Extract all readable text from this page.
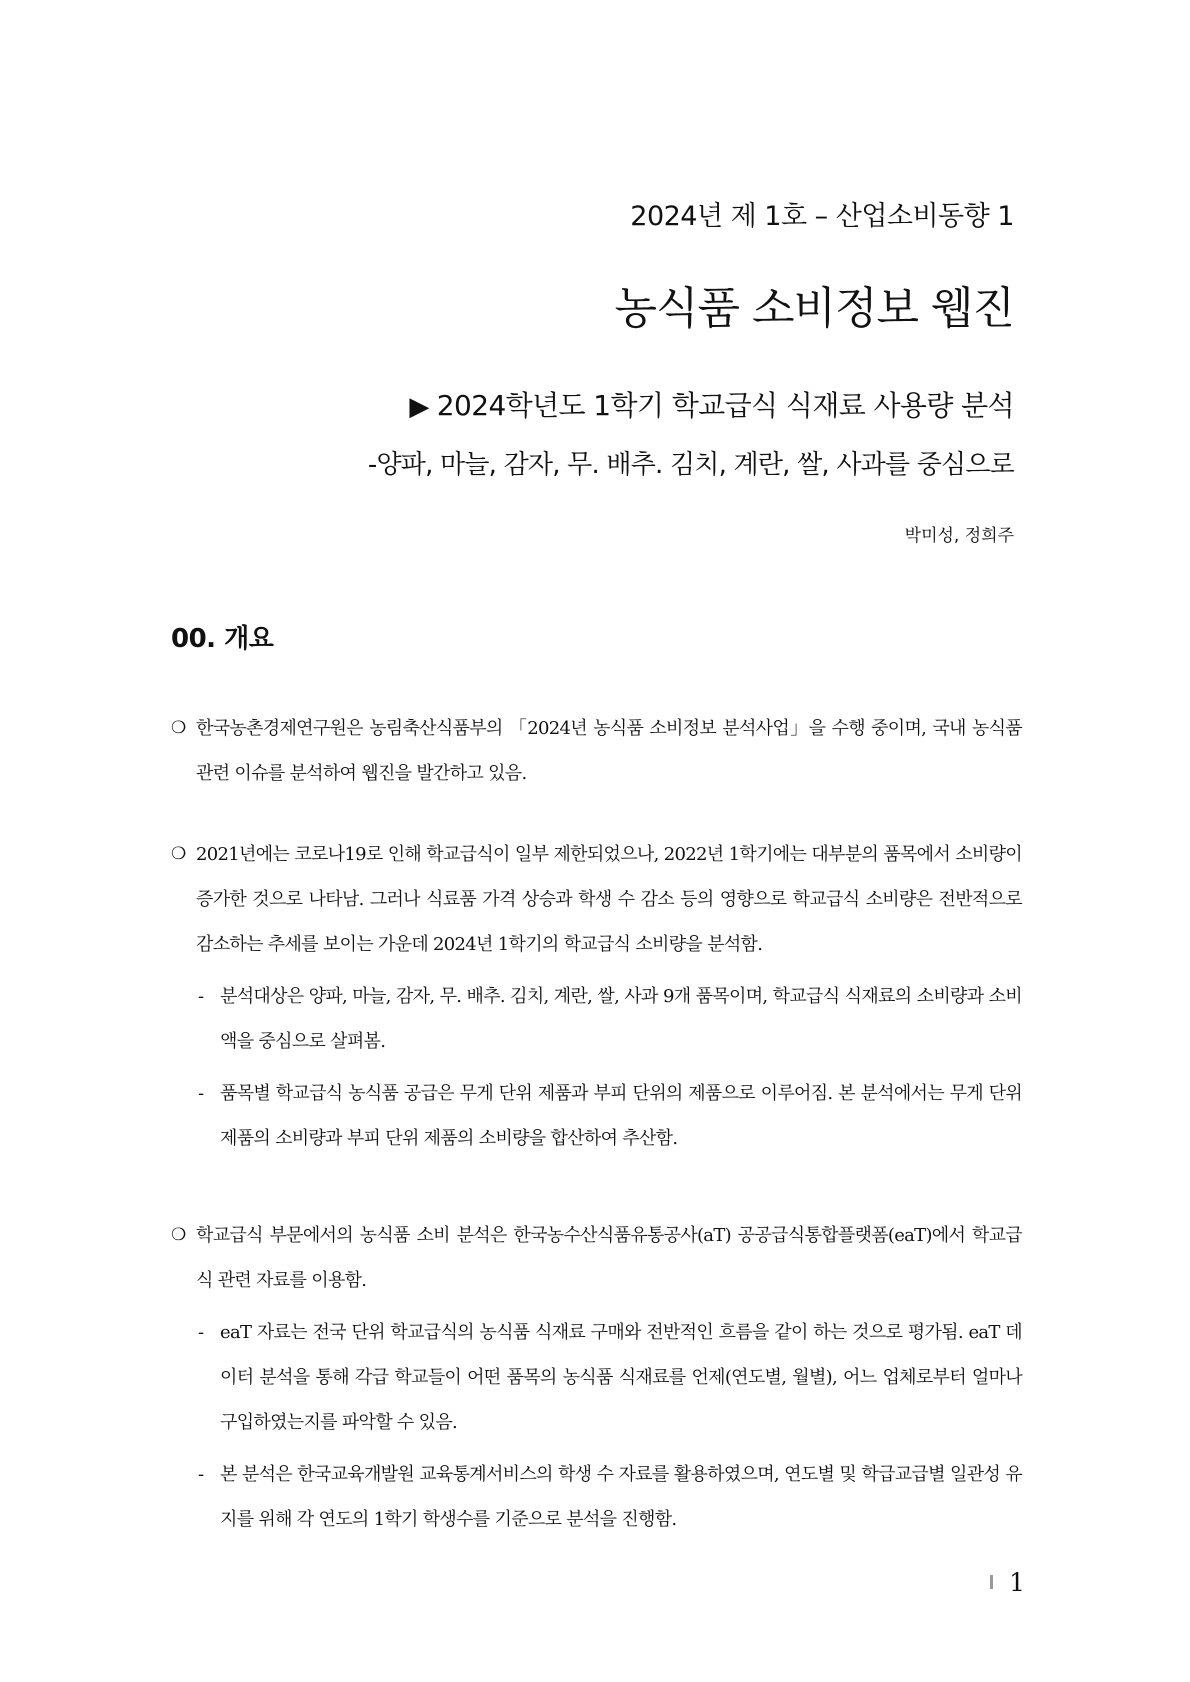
2024년 제 1호 – 산업소비동향 1
농식품 소비정보 웹진
▶ 2024학년도 1학기 학교급식 식재료 사용량 분석
-양파, 마늘, 감자, 무. 배추. 김치, 계란, 쌀, 사과를 중심으로
박미성, 정희주
00. 개요
❍ 한국농촌경제연구원은 농림축산식품부의 「2024년 농식품 소비정보 분석사업」을 수행 중이며, 국내 농식품 관련 이슈를 분석하여 웹진을 발간하고 있음.
❍ 2021년에는 코로나19로 인해 학교급식이 일부 제한되었으나, 2022년 1학기에는 대부분의 품목에서 소비량이 증가한 것으로 나타남. 그러나 식료품 가격 상승과 학생 수 감소 등의 영향으로 학교급식 소비량은 전반적으로 감소하는 추세를 보이는 가운데 2024년 1학기의 학교급식 소비량을 분석함.
- 분석대상은 양파, 마늘, 감자, 무. 배추. 김치, 계란, 쌀, 사과 9개 품목이며, 학교급식 식재료의 소비량과 소비액을 중심으로 살펴봄.
- 품목별 학교급식 농식품 공급은 무게 단위 제품과 부피 단위의 제품으로 이루어짐. 본 분석에서는 무게 단위 제품의 소비량과 부피 단위 제품의 소비량을 합산하여 추산함.
❍ 학교급식 부문에서의 농식품 소비 분석은 한국농수산식품유통공사(aT) 공공급식통합플랫폼(eaT)에서 학교급식 관련 자료를 이용함.
- eaT 자료는 전국 단위 학교급식의 농식품 식재료 구매와 전반적인 흐름을 같이 하는 것으로 평가됨. eaT 데이터 분석을 통해 각급 학교들이 어떤 품목의 농식품 식재료를 언제(연도별, 월별), 어느 업체로부터 얼마나 구입하였는지를 파악할 수 있음.
- 본 분석은 한국교육개발원 교육통계서비스의 학생 수 자료를 활용하였으며, 연도별 및 학급교급별 일관성 유지를 위해 각 연도의 1학기 학생수를 기준으로 분석을 진행함.
1
